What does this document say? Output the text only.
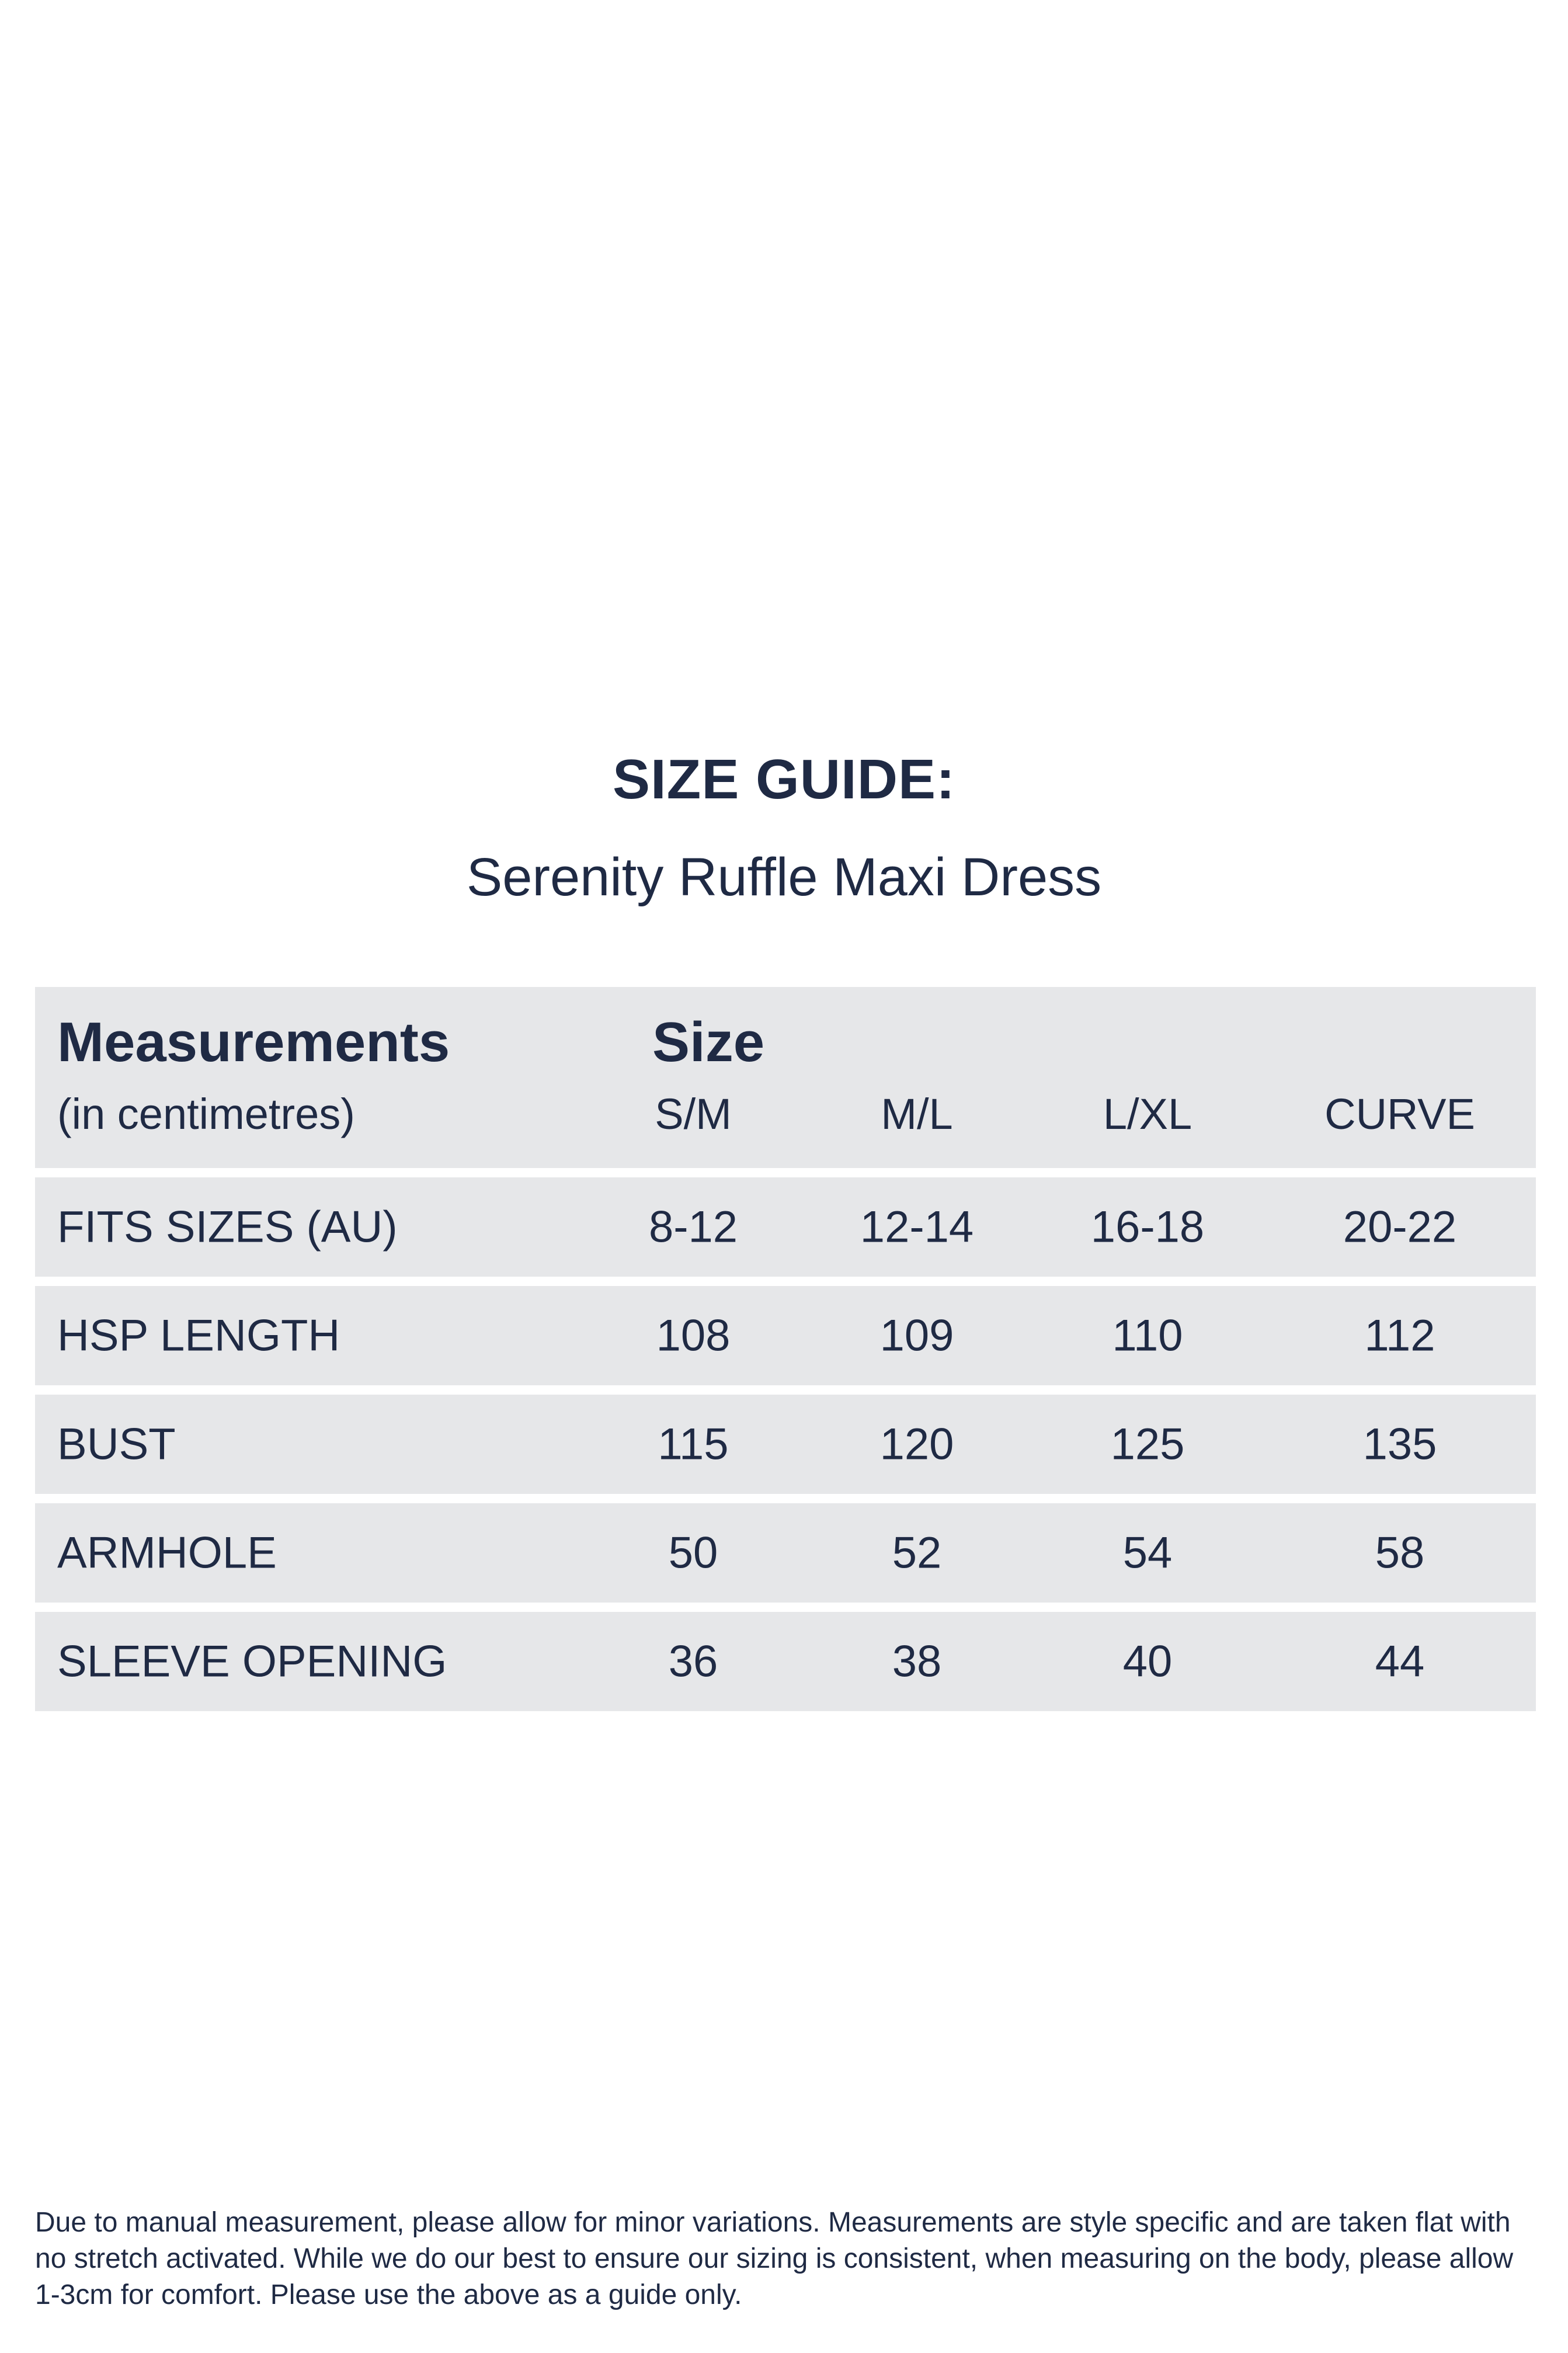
SIZE GUIDE:
Serenity Ruffle Maxi Dress
Measurements
(in centimetres)
Size
S/M	M/L	L/XL	CURVE
FITS SIZES (AU)	8-12	12-14	16-18	20-22
HSP LENGTH	108	109	110	112
BUST	115	120	125	135
ARMHOLE	50	52	54	58
SLEEVE OPENING	36	38	40	44

Due to manual measurement, please allow for minor variations. Measurements are style specific and are taken flat with no stretch activated. While we do our best to ensure our sizing is consistent, when measuring on the body, please allow 1-3cm for comfort. Please use the above as a guide only.
